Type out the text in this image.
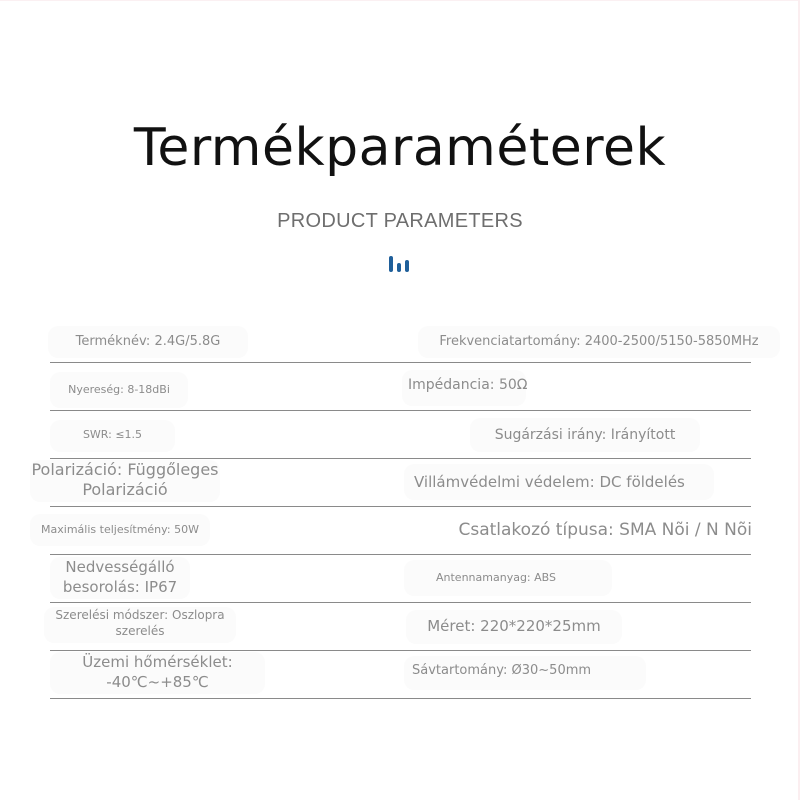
Termékparaméterek
PRODUCT PARAMETERS
Terméknév: 2.4G/5.8G
Nyereség: 8-18dBi
SWR: ≤1.5
Polarizáció: Függőleges
Polarizáció
Maximális teljesítmény: 50W
Nedvességálló
besorolás: IP67
Szerelési módszer: Oszlopra
szerelés
Üzemi hőmérséklet:
-40℃~+85℃
Frekvenciatartomány: 2400-2500/5150-5850MHz
Impédancia: 50Ω
Sugárzási irány: Irányított
Villámvédelmi védelem: DC földelés
Csatlakozó típusa: SMA Nõi / N Nõi
Antennamanyag: ABS
Méret: 220*220*25mm
Sávtartomány: Ø30~50mm
